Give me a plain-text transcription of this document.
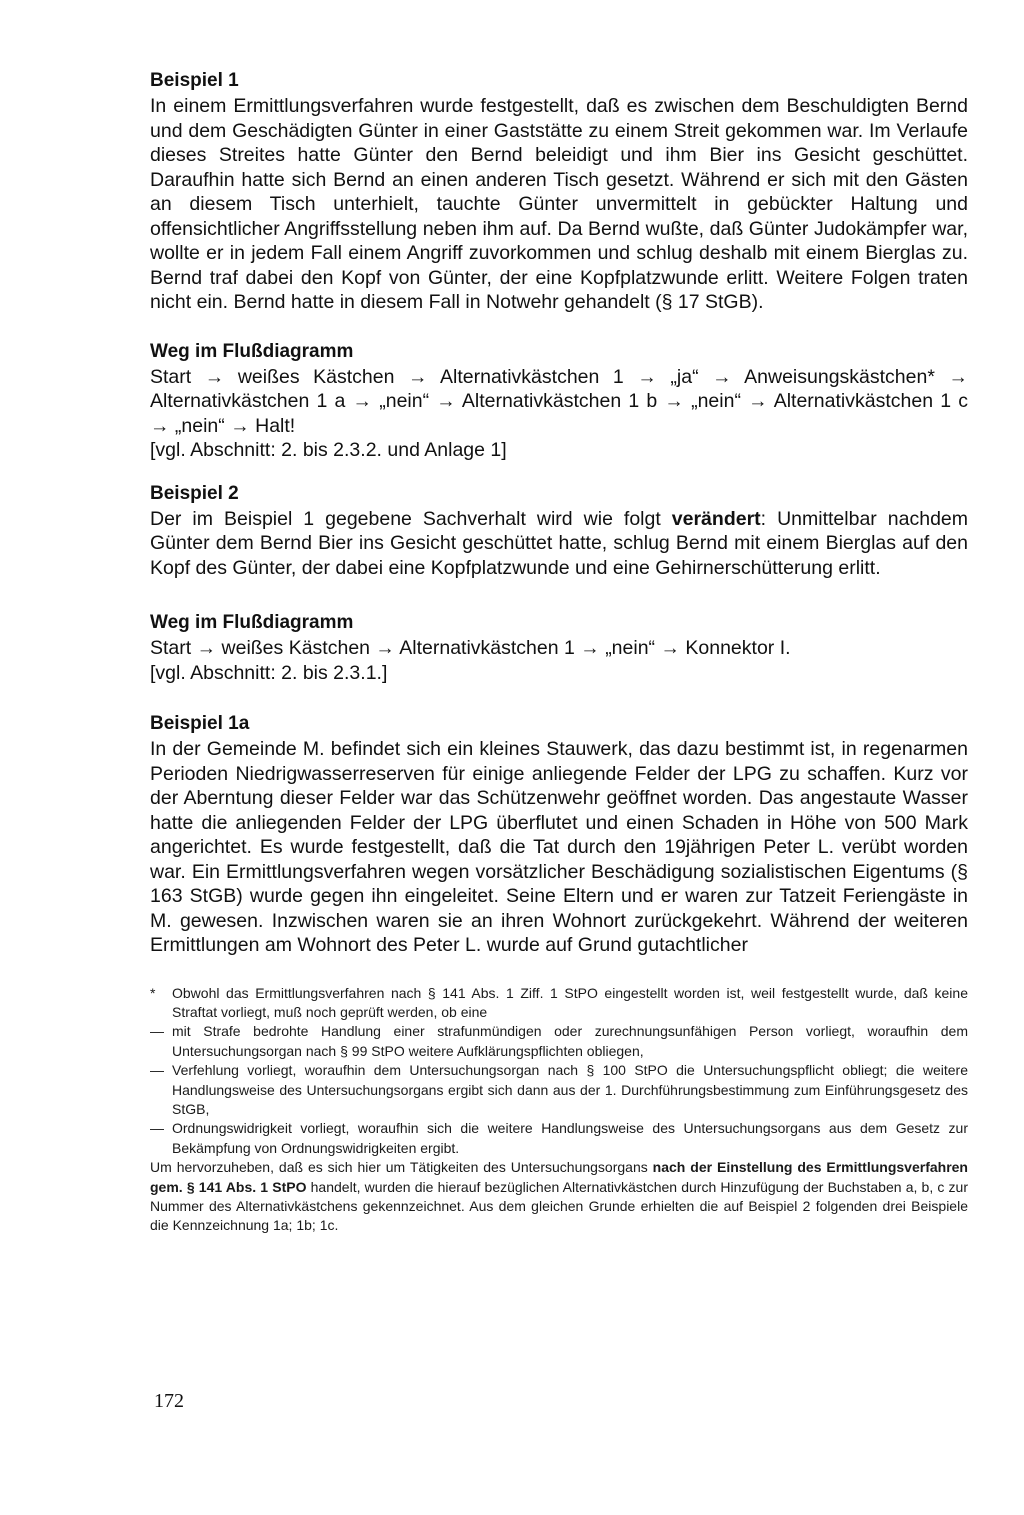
Beispiel 1

In einem Ermittlungsverfahren wurde festgestellt, daß es zwischen dem Beschuldigten Bernd und dem Geschädigten Günter in einer Gaststätte zu einem Streit gekommen war. Im Verlaufe dieses Streites hatte Günter den Bernd beleidigt und ihm Bier ins Gesicht geschüttet. Daraufhin hatte sich Bernd an einen anderen Tisch gesetzt. Während er sich mit den Gästen an diesem Tisch unterhielt, tauchte Günter unvermittelt in gebückter Haltung und offensichtlicher Angriffsstellung neben ihm auf. Da Bernd wußte, daß Günter Judokämpfer war, wollte er in jedem Fall einem Angriff zuvorkommen und schlug deshalb mit einem Bierglas zu. Bernd traf dabei den Kopf von Günter, der eine Kopfplatzwunde erlitt. Weitere Folgen traten nicht ein. Bernd hatte in diesem Fall in Notwehr gehandelt (§ 17 StGB).

Weg im Flußdiagramm

Start → weißes Kästchen → Alternativkästchen 1 → „ja“ → Anweisungskästchen* → Alternativkästchen 1 a → „nein“ → Alternativkästchen 1 b → „nein“ → Alternativkästchen 1 c → „nein“ → Halt!

[vgl. Abschnitt: 2. bis 2.3.2. und Anlage 1]

Beispiel 2

Der im Beispiel 1 gegebene Sachverhalt wird wie folgt verändert: Unmittelbar nachdem Günter dem Bernd Bier ins Gesicht geschüttet hatte, schlug Bernd mit einem Bierglas auf den Kopf des Günter, der dabei eine Kopfplatzwunde und eine Gehirnerschütterung erlitt.

Weg im Flußdiagramm

Start → weißes Kästchen → Alternativkästchen 1 → „nein“ → Konnektor I.

[vgl. Abschnitt: 2. bis 2.3.1.]

Beispiel 1a

In der Gemeinde M. befindet sich ein kleines Stauwerk, das dazu bestimmt ist, in regenarmen Perioden Niedrigwasserreserven für einige anliegende Felder der LPG zu schaffen. Kurz vor der Aberntung dieser Felder war das Schützenwehr geöffnet worden. Das angestaute Wasser hatte die anliegenden Felder der LPG überflutet und einen Schaden in Höhe von 500 Mark angerichtet. Es wurde festgestellt, daß die Tat durch den 19jährigen Peter L. verübt worden war. Ein Ermittlungsverfahren wegen vorsätzlicher Beschädigung sozialistischen Eigentums (§ 163 StGB) wurde gegen ihn eingeleitet. Seine Eltern und er waren zur Tatzeit Feriengäste in M. gewesen. Inzwischen waren sie an ihren Wohnort zurückgekehrt. Während der weiteren Ermittlungen am Wohnort des Peter L. wurde auf Grund gutachtlicher

*	Obwohl das Ermittlungsverfahren nach § 141 Abs. 1 Ziff. 1 StPO eingestellt worden ist, weil festgestellt wurde, daß keine Straftat vorliegt, muß noch geprüft werden, ob eine
— mit Strafe bedrohte Handlung einer strafunmündigen oder zurechnungsunfähigen Person vorliegt, woraufhin dem Untersuchungsorgan nach § 99 StPO weitere Aufklärungspflichten obliegen,
— Verfehlung vorliegt, woraufhin dem Untersuchungsorgan nach § 100 StPO die Untersuchungspflicht obliegt; die weitere Handlungsweise des Untersuchungsorgans ergibt sich dann aus der 1. Durchführungsbestimmung zum Einführungsgesetz des StGB,
— Ordnungswidrigkeit vorliegt, woraufhin sich die weitere Handlungsweise des Untersuchungsorgans aus dem Gesetz zur Bekämpfung von Ordnungswidrigkeiten ergibt.

Um hervorzuheben, daß es sich hier um Tätigkeiten des Untersuchungsorgans nach der Einstellung des Ermittlungsverfahren gem. § 141 Abs. 1 StPO handelt, wurden die hierauf bezüglichen Alternativkästchen durch Hinzufügung der Buchstaben a, b, c zur Nummer des Alternativkästchens gekennzeichnet. Aus dem gleichen Grunde erhielten die auf Beispiel 2 folgenden drei Beispiele die Kennzeichnung 1a; 1b; 1c.

172
